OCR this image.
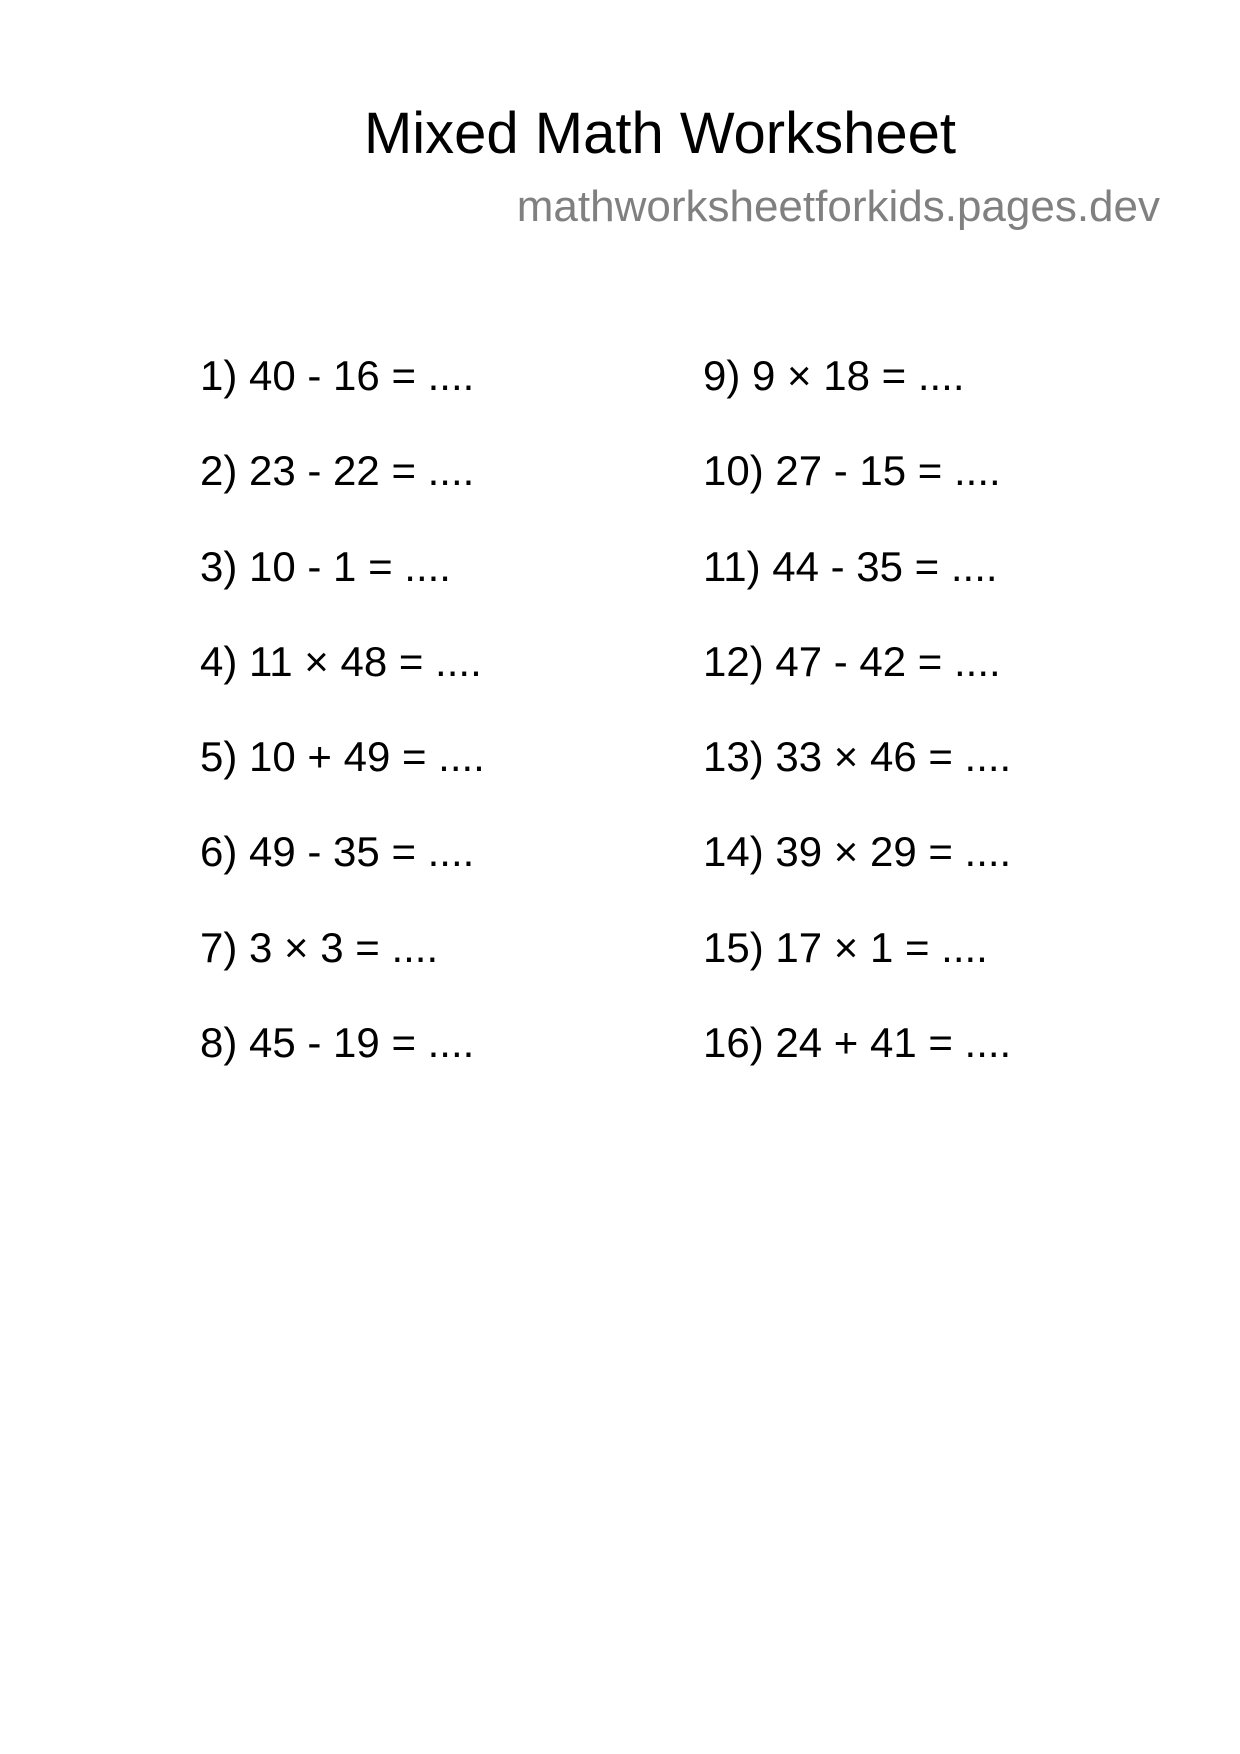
Mixed Math Worksheet
mathworksheetforkids.pages.dev
1) 40 - 16 = ....
2) 23 - 22 = ....
3) 10 - 1 = ....
4) 11 × 48 = ....
5) 10 + 49 = ....
6) 49 - 35 = ....
7) 3 × 3 = ....
8) 45 - 19 = ....
9) 9 × 18 = ....
10) 27 - 15 = ....
11) 44 - 35 = ....
12) 47 - 42 = ....
13) 33 × 46 = ....
14) 39 × 29 = ....
15) 17 × 1 = ....
16) 24 + 41 = ....
